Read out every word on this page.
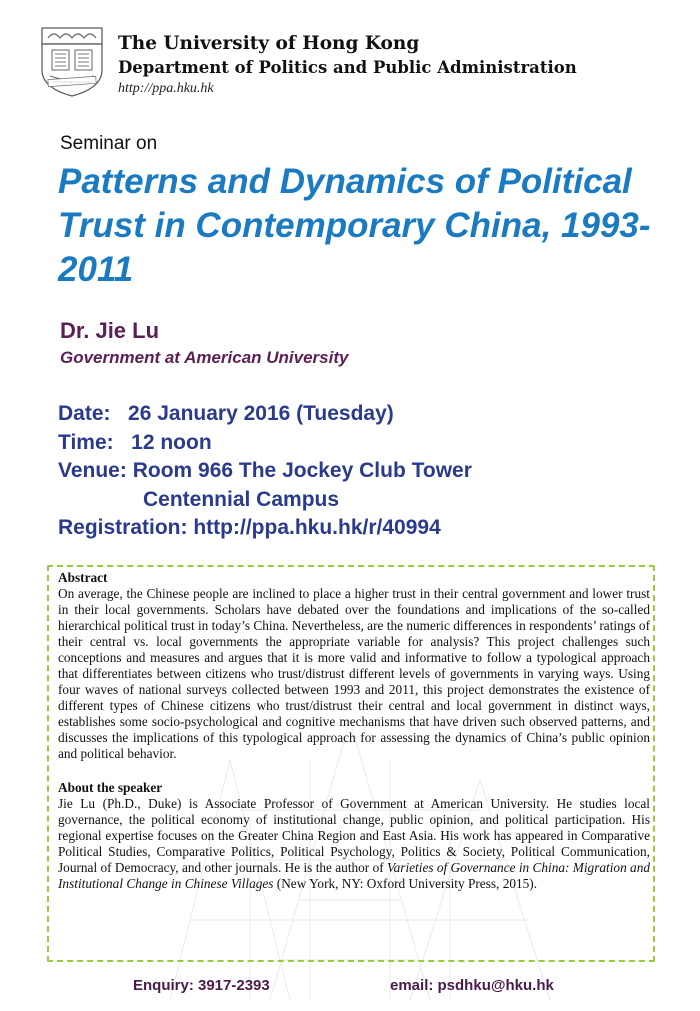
The University of Hong Kong
Department of Politics and Public Administration
http://ppa.hku.hk
Seminar on
Patterns and Dynamics of Political Trust in Contemporary China, 1993-2011
Dr. Jie Lu
Government at American University
Date: 26 January 2016 (Tuesday)
Time: 12 noon
Venue: Room 966 The Jockey Club Tower
Centennial Campus
Registration: http://ppa.hku.hk/r/40994

Abstract

On average, the Chinese people are inclined to place a higher trust in their central government and lower trust in their local governments. Scholars have debated over the foundations and implications of the so-called hierarchical political trust in today’s China. Nevertheless, are the numeric differences in respondents’ ratings of their central vs. local governments the appropriate variable for analysis? This project challenges such conceptions and measures and argues that it is more valid and informative to follow a typological approach that differentiates between citizens who trust/distrust different levels of governments in varying ways. Using four waves of national surveys collected between 1993 and 2011, this project demonstrates the existence of different types of Chinese citizens who trust/distrust their central and local government in distinct ways, establishes some socio-psychological and cognitive mechanisms that have driven such observed patterns, and discusses the implications of this typological approach for assessing the dynamics of China’s public opinion and political behavior.

About the speaker

Jie Lu (Ph.D., Duke) is Associate Professor of Government at American University. He studies local governance, the political economy of institutional change, public opinion, and political participation. His regional expertise focuses on the Greater China Region and East Asia. His work has appeared in Comparative Political Studies, Comparative Politics, Political Psychology, Politics & Society, Political Communication, Journal of Democracy, and other journals. He is the author of Varieties of Governance in China: Migration and Institutional Change in Chinese Villages (New York, NY: Oxford University Press, 2015).

Enquiry: 3917-2393	email: psdhku@hku.hk
